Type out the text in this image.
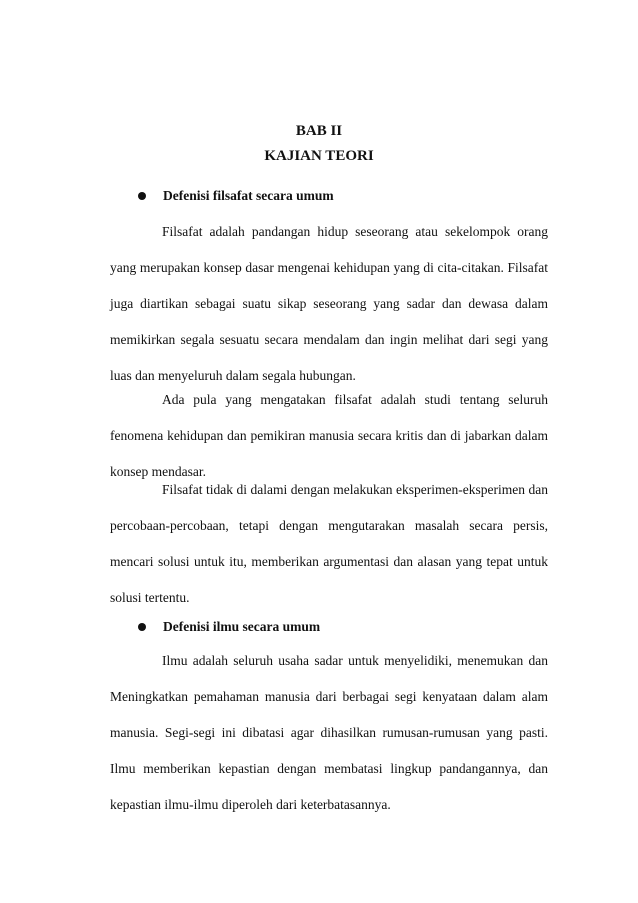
BAB II
KAJIAN TEORI
Defenisi filsafat secara umum

Filsafat adalah pandangan hidup seseorang atau sekelompok orang yang merupakan konsep dasar mengenai kehidupan yang di cita-citakan. Filsafat juga diartikan sebagai suatu sikap seseorang yang sadar dan dewasa dalam memikirkan segala sesuatu secara mendalam dan ingin melihat dari segi yang luas dan menyeluruh dalam segala hubungan.

Ada pula yang mengatakan filsafat adalah studi tentang seluruh fenomena kehidupan dan pemikiran manusia secara kritis dan di jabarkan dalam konsep mendasar.

Filsafat tidak di dalami dengan melakukan eksperimen-eksperimen dan percobaan-percobaan, tetapi dengan mengutarakan masalah secara persis, mencari solusi untuk itu, memberikan argumentasi dan alasan yang tepat untuk solusi tertentu.

Defenisi ilmu secara umum

Ilmu adalah seluruh usaha sadar untuk menyelidiki, menemukan dan Meningkatkan pemahaman manusia dari berbagai segi kenyataan dalam alam manusia. Segi-segi ini dibatasi agar dihasilkan rumusan-rumusan yang pasti. Ilmu memberikan kepastian dengan membatasi lingkup pandangannya, dan kepastian ilmu-ilmu diperoleh dari keterbatasannya.
